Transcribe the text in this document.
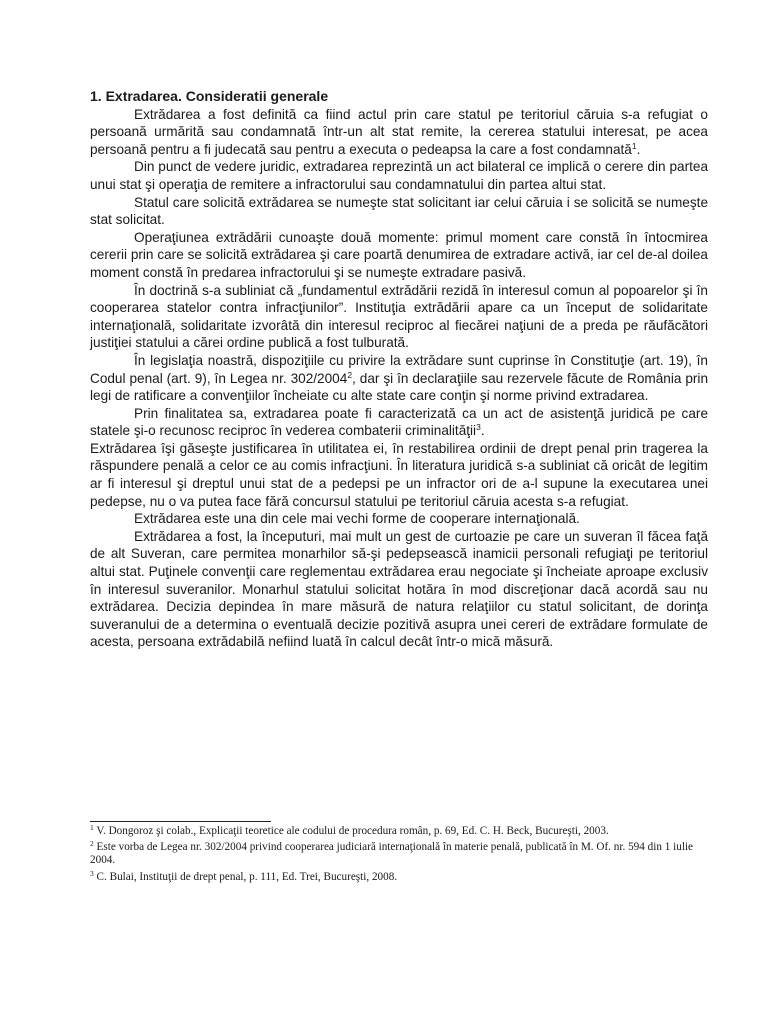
1. Extradarea. Consideratii generale

Extrădarea a fost definită ca fiind actul prin care statul pe teritoriul căruia s-a refugiat o persoană urmărită sau condamnată într-un alt stat remite, la cererea statului interesat, pe acea persoană pentru a fi judecată sau pentru a executa o pedeapsa la care a fost condamnată$^1$.

Din punct de vedere juridic, extradarea reprezintă un act bilateral ce implică o cerere din partea unui stat şi operaţia de remitere a infractorului sau condamnatului din partea altui stat.

Statul care solicită extrădarea se numeşte stat solicitant iar celui căruia i se solicită se numeşte stat solicitat.

Operaţiunea extrădării cunoaşte două momente: primul moment care constă în întocmirea cererii prin care se solicită extrădarea şi care poartă denumirea de extradare activă, iar cel de-al doilea moment constă în predarea infractorului şi se numeşte extradare pasivă.

În doctrină s-a subliniat că „fundamentul extrădării rezidă în interesul comun al popoarelor şi în cooperarea statelor contra infracţiunilor”. Instituţia extrădării apare ca un început de solidaritate internaţională, solidaritate izvorâtă din interesul reciproc al fiecărei naţiuni de a preda pe răufăcători justiţiei statului a cărei ordine publică a fost tulburată.

În legislaţia noastră, dispoziţiile cu privire la extrădare sunt cuprinse în Constituţie (art. 19), în Codul penal (art. 9), în Legea nr. 302/2004$^2$, dar şi în declaraţiile sau rezervele făcute de România prin legi de ratificare a convenţiilor încheiate cu alte state care conţin şi norme privind extradarea.

Prin finalitatea sa, extradarea poate fi caracterizată ca un act de asistenţă juridică pe care statele şi-o recunosc reciproc în vederea combaterii criminalităţii$^3$.

Extrădarea îşi găseşte justificarea în utilitatea ei, în restabilirea ordinii de drept penal prin tragerea la răspundere penală a celor ce au comis infracţiuni. În literatura juridică s-a subliniat că oricât de legitim ar fi interesul şi dreptul unui stat de a pedepsi pe un infractor ori de a-l supune la executarea unei pedepse, nu o va putea face fără concursul statului pe teritoriul căruia acesta s-a refugiat.

Extrădarea este una din cele mai vechi forme de cooperare internaţională.

Extrădarea a fost, la începuturi, mai mult un gest de curtoazie pe care un suveran îl făcea faţă de alt Suveran, care permitea monarhilor să-şi pedepsească inamicii personali refugiaţi pe teritoriul altui stat. Puţinele convenţii care reglementau extrădarea erau negociate şi încheiate aproape exclusiv în interesul suveranilor. Monarhul statului solicitat hotăra în mod discreţionar dacă acordă sau nu extrădarea. Decizia depindea în mare măsură de natura relaţiilor cu statul solicitant, de dorinţa suveranului de a determina o eventuală decizie pozitivă asupra unei cereri de extrădare formulate de acesta, persoana extrădabilă nefiind luată în calcul decât într-o mică măsură.

$^1$ V. Dongoroz şi colab., Explicaţii teoretice ale codului de procedura român, p. 69, Ed. C. H. Beck, Bucureşti, 2003.

$^2$ Este vorba de Legea nr. 302/2004 privind cooperarea judiciară internaţională în materie penală, publicată în M. Of. nr. 594 din 1 iulie 2004.

$^3$ C. Bulai, Instituţii de drept penal, p. 111, Ed. Trei, Bucureşti, 2008.
